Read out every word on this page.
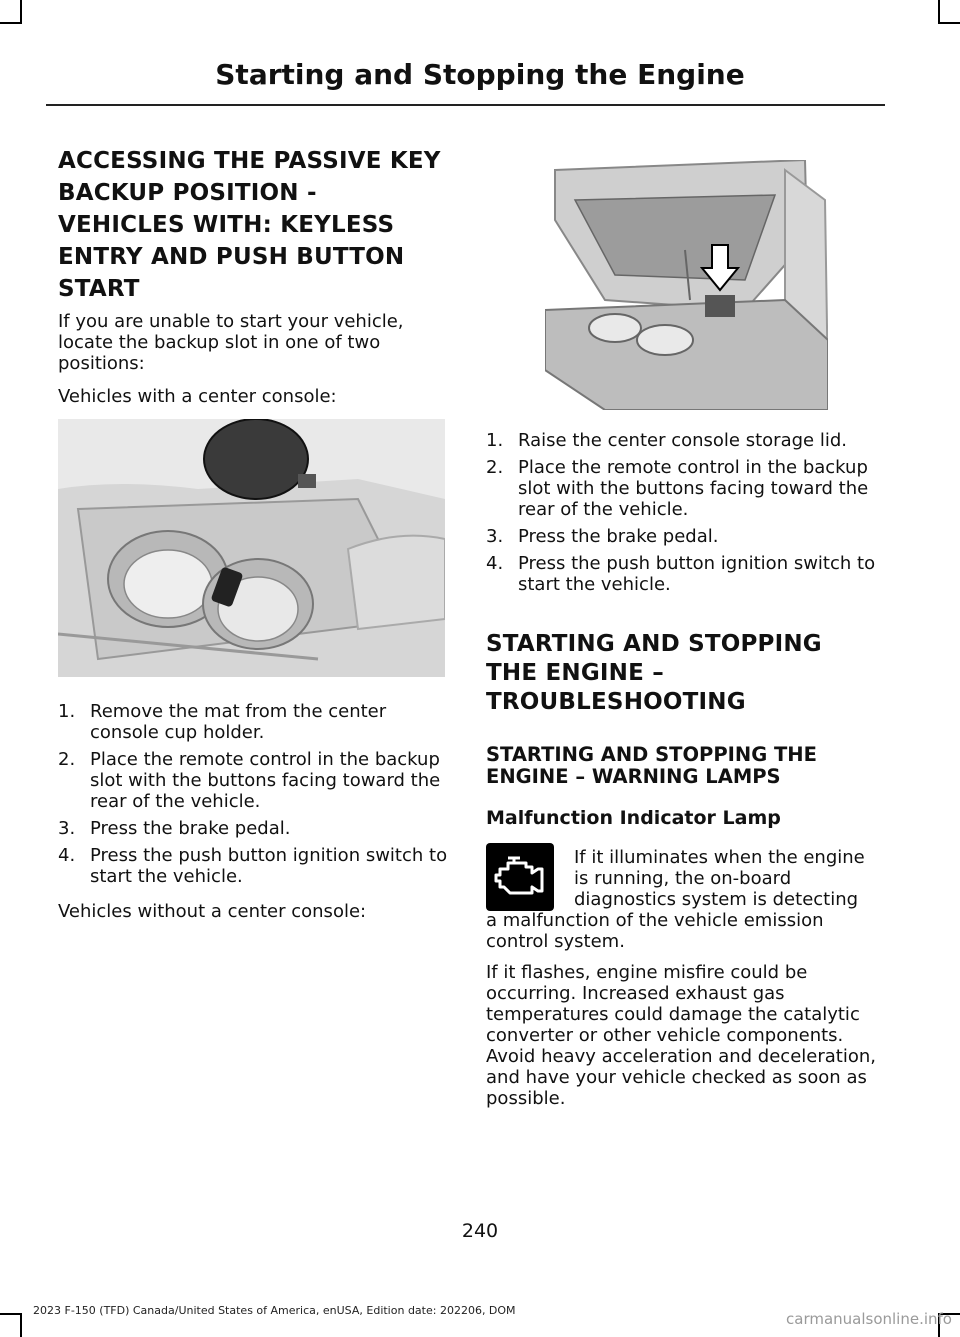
Starting and Stopping the Engine
ACCESSING THE PASSIVE KEY
BACKUP POSITION -
VEHICLES WITH: KEYLESS
ENTRY AND PUSH BUTTON
START

If you are unable to start your vehicle, locate the backup slot in one of two positions:

Vehicles with a center console:

1. Remove the mat from the center console cup holder.
2. Place the remote control in the backup slot with the buttons facing toward the rear of the vehicle.
3. Press the brake pedal.
4. Press the push button ignition switch to start the vehicle.

Vehicles without a center console:

1. Raise the center console storage lid.
2. Place the remote control in the backup slot with the buttons facing toward the rear of the vehicle.
3. Press the brake pedal.
4. Press the push button ignition switch to start the vehicle.
STARTING AND STOPPING
THE ENGINE –
TROUBLESHOOTING
STARTING AND STOPPING THE
ENGINE – WARNING LAMPS
Malfunction Indicator Lamp

If it illuminates when the engine
is running, the on-board
diagnostics system is detecting

a malfunction of the vehicle emission control system.

If it flashes, engine misfire could be occurring. Increased exhaust gas temperatures could damage the catalytic converter or other vehicle components. Avoid heavy acceleration and deceleration, and have your vehicle checked as soon as possible.

240
2023 F-150 (TFD) Canada/United States of America, enUSA, Edition date: 202206, DOM	carmanualsonline.info
